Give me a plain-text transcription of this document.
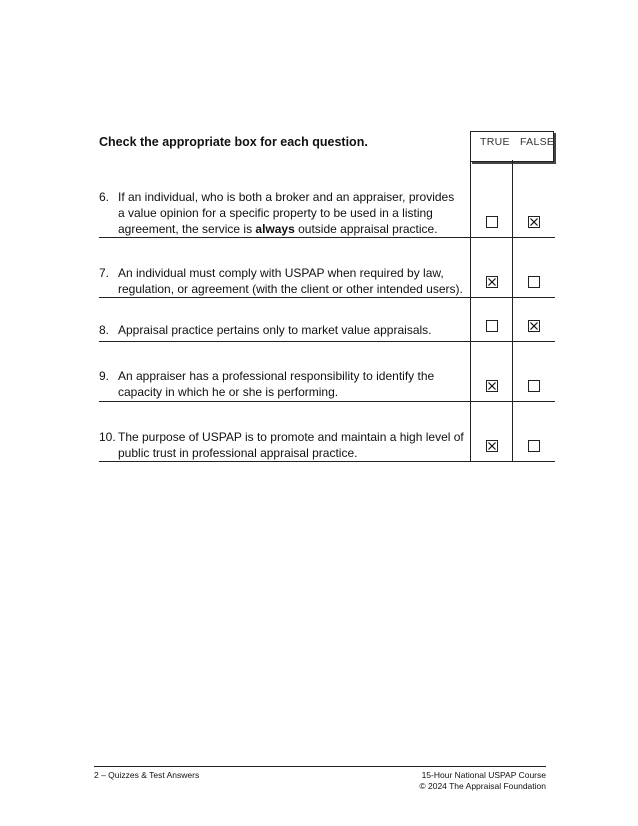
Check the appropriate box for each question.	TRUE FALSE
6. If an individual, who is both a broker and an appraiser, provides a value opinion for a specific property to be used in a listing agreement, the service is always outside appraisal practice.
7. An individual must comply with USPAP when required by law, regulation, or agreement (with the client or other intended users).
8. Appraisal practice pertains only to market value appraisals.
9. An appraiser has a professional responsibility to identify the capacity in which he or she is performing.
10. The purpose of USPAP is to promote and maintain a high level of public trust in professional appraisal practice.
2 – Quizzes & Test Answers	15-Hour National USPAP Course
© 2024 The Appraisal Foundation
